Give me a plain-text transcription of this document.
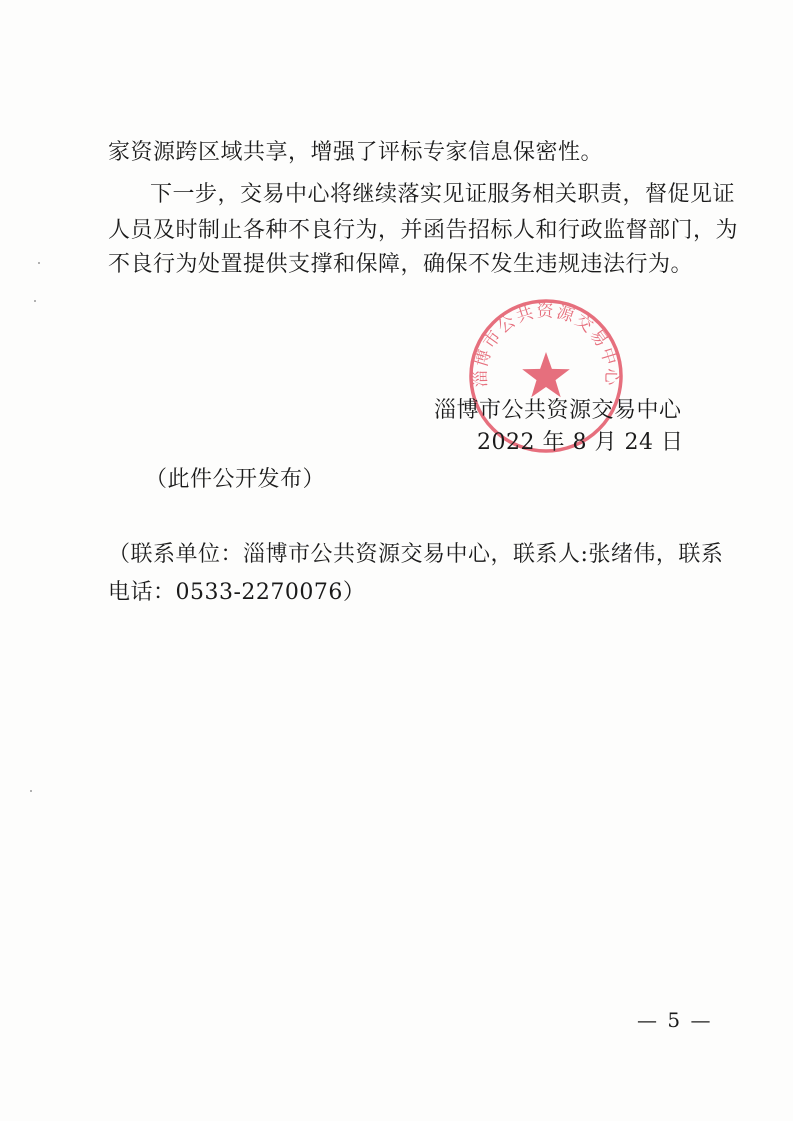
家资源跨区域共享，增强了评标专家信息保密性。
下一步，交易中心将继续落实见证服务相关职责，督促见证
人员及时制止各种不良行为，并函告招标人和行政监督部门，为
不良行为处置提供支撑和保障，确保不发生违规违法行为。
淄博市公共资源交易中心
淄博市公共资源交易中心
2022 年 8 月 24 日
（此件公开发布）
（联系单位：淄博市公共资源交易中心，联系人:张绪伟，联系
电话：0533-2270076）
— 5 —
